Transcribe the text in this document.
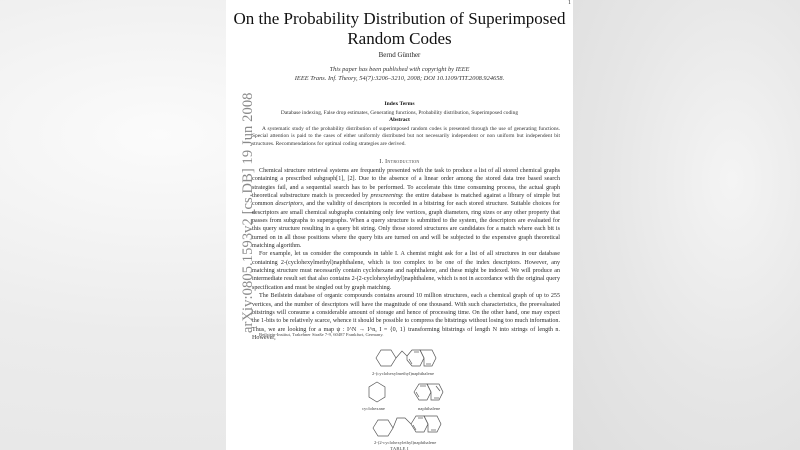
1
arXiv:0805.1593v2 [cs.DB] 19 Jun 2008
On the Probability Distribution of Superimposed
Random Codes
Bernd Günther
This paper has been published with copyright by IEEE
IEEE Trans. Inf. Theory, 54(7):3206–3210, 2008; DOI 10.1109/TIT.2008.924658.
Index Terms
Database indexing, False drop estimates, Generating functions, Probability distribution, Superimposed coding
Abstract
A systematic study of the probability distribution of superimposed random codes is presented through the use of generating functions. Special attention is paid to the cases of either uniformly distributed but not necessarily independent or non uniform but independent bit structures. Recommendations for optimal coding strategies are derived.
I. Introduction

Chemical structure retrieval systems are frequently presented with the task to produce a list of all stored chemical graphs containing a prescribed subgraph[1], [2]. Due to the absence of a linear order among the stored data tree based search strategies fail, and a sequential search has to be performed. To accelerate this time consuming process, the actual graph theoretical substructure match is preceeded by prescreening: the entire database is matched against a library of simple but common descriptors, and the validity of descriptors is recorded in a bitstring for each stored structure. Suitable choices for descriptors are small chemical subgraphs containing only few vertices, graph diameters, ring sizes or any other property that passes from subgraphs to supergraphs. When a query structure is submitted to the system, the descriptors are evaluated for this query structure resulting in a query bit string. Only those stored structures are candidates for a match where each bit is turned on in all those positions where the query bits are turned on and will be subjected to the expensive graph theoretical matching algorithm.

For example, let us consider the compounds in table I. A chemist might ask for a list of all structures in our database containing 2-(cyclohexylmethyl)naphthalene, which is too complex to be one of the index descriptors. However, any matching structure must necessarily contain cyclohexane and naphthalene, and these might be indexed. We will produce an intermediate result set that also contains 2-(2-cyclohexylethyl)naphthalene, which is not in accordance with the original query specification and must be singled out by graph matching.

The Beilstein database of organic compounds contains around 10 million structures, each a chemical graph of up to 255 vertices, and the number of descriptors will have the magnitude of one thousand. With such characteristics, the preevaluated bitstrings will consume a considerable amount of storage and hence of processing time. On the other hand, one may expect the 1-bits to be relatively scarce, whence it should be possible to compress the bitstrings without losing too much information. Thus, we are looking for a map ψ : I^N → I^n, I = {0, 1} transforming bitstrings of length N into strings of length n. However,

Beilstein-Institut, Trakehner Straße 7-9, 60487 Frankfurt, Germany.
2-(cyclohexylmethyl)naphthalene
cyclohexane	naphthalene
2-(2-cyclohexylethyl)naphthalene
TABLE I
